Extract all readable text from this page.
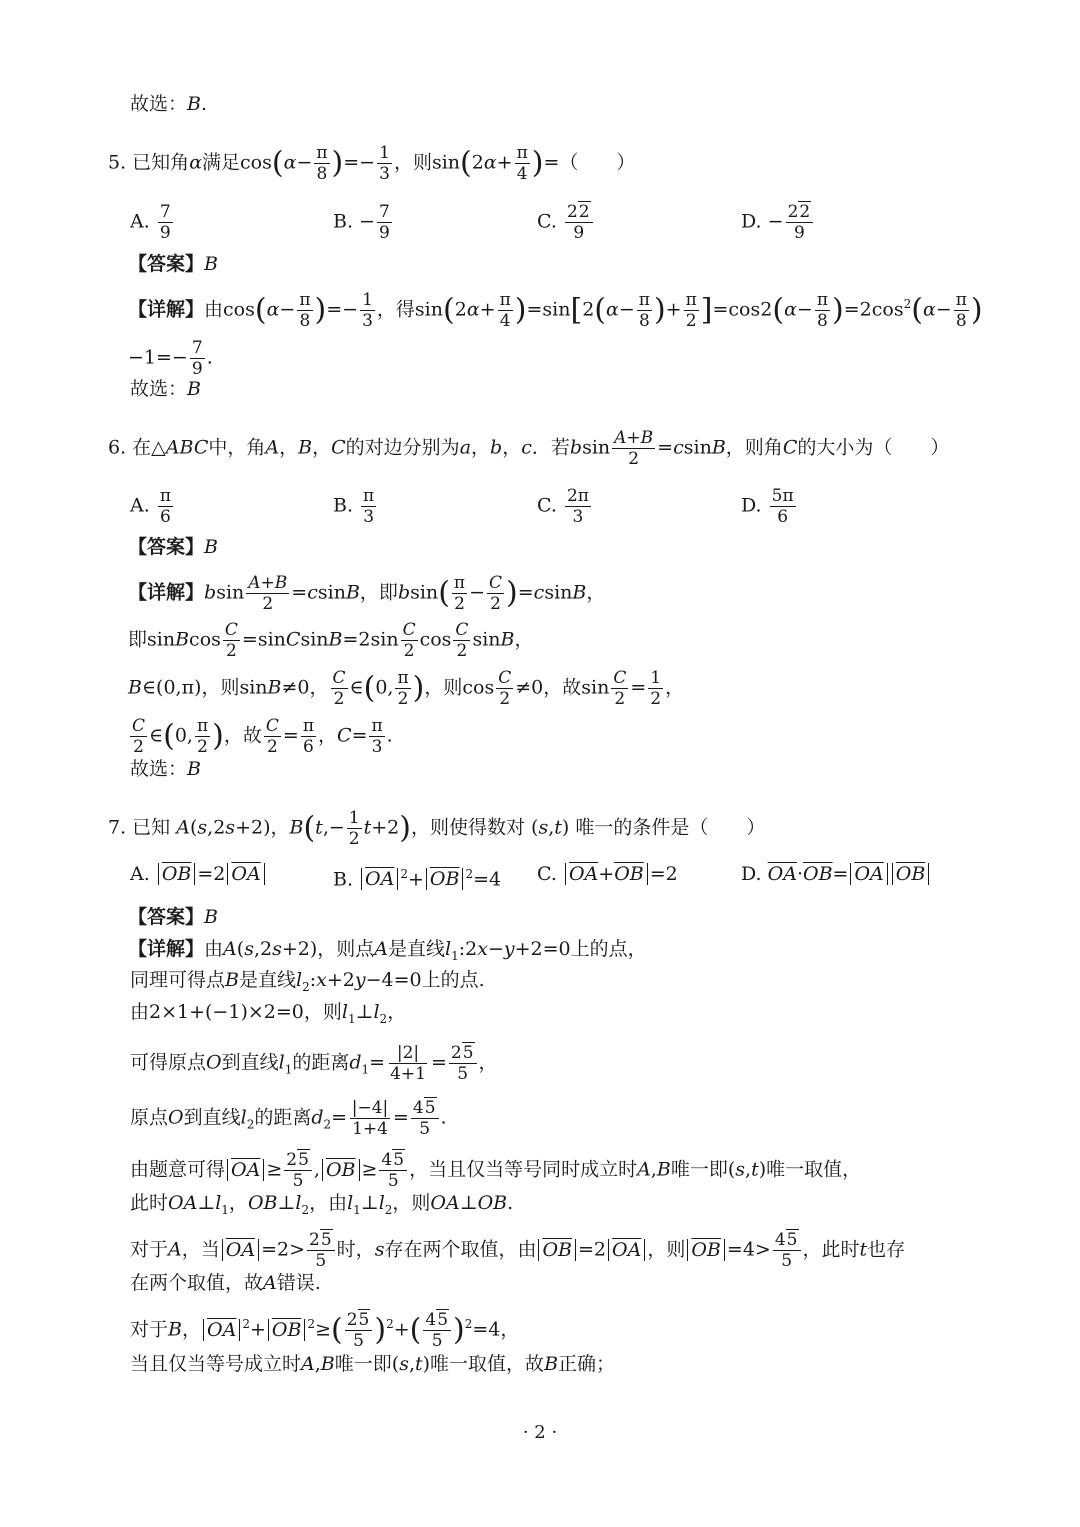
故选：B.
5. 已知角α满足$\cos(\alpha- \frac{\pi}{8}$ )=− $\frac{1}{3}$ ，则$\sin(2\alpha+ \frac{\pi}{4}$ )=（　　）
A. $\frac{7}{9}$	B. − $\frac{7}{9}$	C. $\frac{22}{9}$	D. − $\frac{22}{9}$
【答案】B
【详解】由$\cos(\alpha- \frac{\pi}{8}$ )=− $\frac{1}{3}$ ，得$\sin(2\alpha+ \frac{\pi}{4} )=\sin[2(\alpha- \frac{\pi}{8}$ )+ $\frac{\pi}{2} ]=\cos 2(\alpha- \frac{\pi}{8} )=2\cos^2(\alpha- \frac{\pi}{8}$ )
$-1=- \frac{7}{9}$ .
故选：B
6. 在△ABC中，角A，B，C的对边分别为a，b，c．若bsin $\frac{A+B}{2} =csinB$，则角C的大小为（　　）
A. $\frac{\pi}{6}$	B. $\frac{\pi}{3}$	C. $\frac{2\pi}{3}$	D. $\frac{5\pi}{6}$
【答案】B
【详解】bsin $\frac{A+B}{2} =csinB$，即$bsin( \frac{\pi}{2} - \frac{C}{2} )=csinB$，
即sinBcos $\frac{C}{2}$ =sinCsinB=2sin $\frac{C}{2}$ $\cos \frac{C}{2}$ sinB，
B∈(0,π)，则sinB≠0， $\frac{C}{2}$ ∈(0, $\frac{\pi}{2}$ )，则$\cos \frac{C}{2} \ne 0$，故$\sin \frac{C}{2} = \frac{1}{2}$ ，
$\frac{C}{2}$ ∈(0, $\frac{\pi}{2}$ )，故 $\frac{C}{2} = \frac{\pi}{6}$ ，$C= \frac{\pi}{3}$ .
故选：B
7. 已知 A(s,2s+2)，$B(t,- \frac{1}{2} t+2)$，则使得数对 (s,t) 唯一的条件是（　　）
A. $\overline{OB} =2$ $\overline{OA}$	B. $\overline{OA}$ $^2+ \overline{OB}$ $^2$=4 C. $\overline{OA}+\overline{OB} =2$	D. $\overline{OA}\cdot\overline{OB}= \overline{OA}$ $\overline{OB}$
【答案】B
【详解】由A(s,2s+2)，则点A是直线$l_1:2x-y+2=0$上的点，
同理可得点B是直线$l_2:x+2y-4=0$上的点.
由2×1+(−1)×2=0，则$l_1\perp l_2$，
可得原点O到直线$l_1$的距离$d_1= \frac{|2|}{4+1} = \frac{25}{5}$ ，
原点O到直线$l_2$的距离$d_2= \frac{|-4|}{1+4} = \frac{45}{5}$ .
由题意可得 $\overline{OA} \ge \frac{25}{5}$ , $\overline{OB} \ge \frac{45}{5}$ ，当且仅当等号同时成立时A,B唯一即(s,t)唯一取值，
此时$OA\perp l_1$，$OB\perp l_2$，由$l_1\perp l_2$，则OA⊥OB.
对于A，当 $\overline{OA} =2> \frac{25}{5}$ 时，s存在两个取值，由 $\overline{OB} =2$ $\overline{OA}$ ，则 $\overline{OB} =4> \frac{45}{5}$ ，此时t也存
在两个取值，故A错误.
对于B， $\overline{OA}$ $^2+ \overline{OB}$ $^2\ge( \frac{25}{5} )^2+( \frac{45}{5} )^2=4$，
当且仅当等号成立时A,B唯一即(s,t)唯一取值，故B正确；
· 2 ·
